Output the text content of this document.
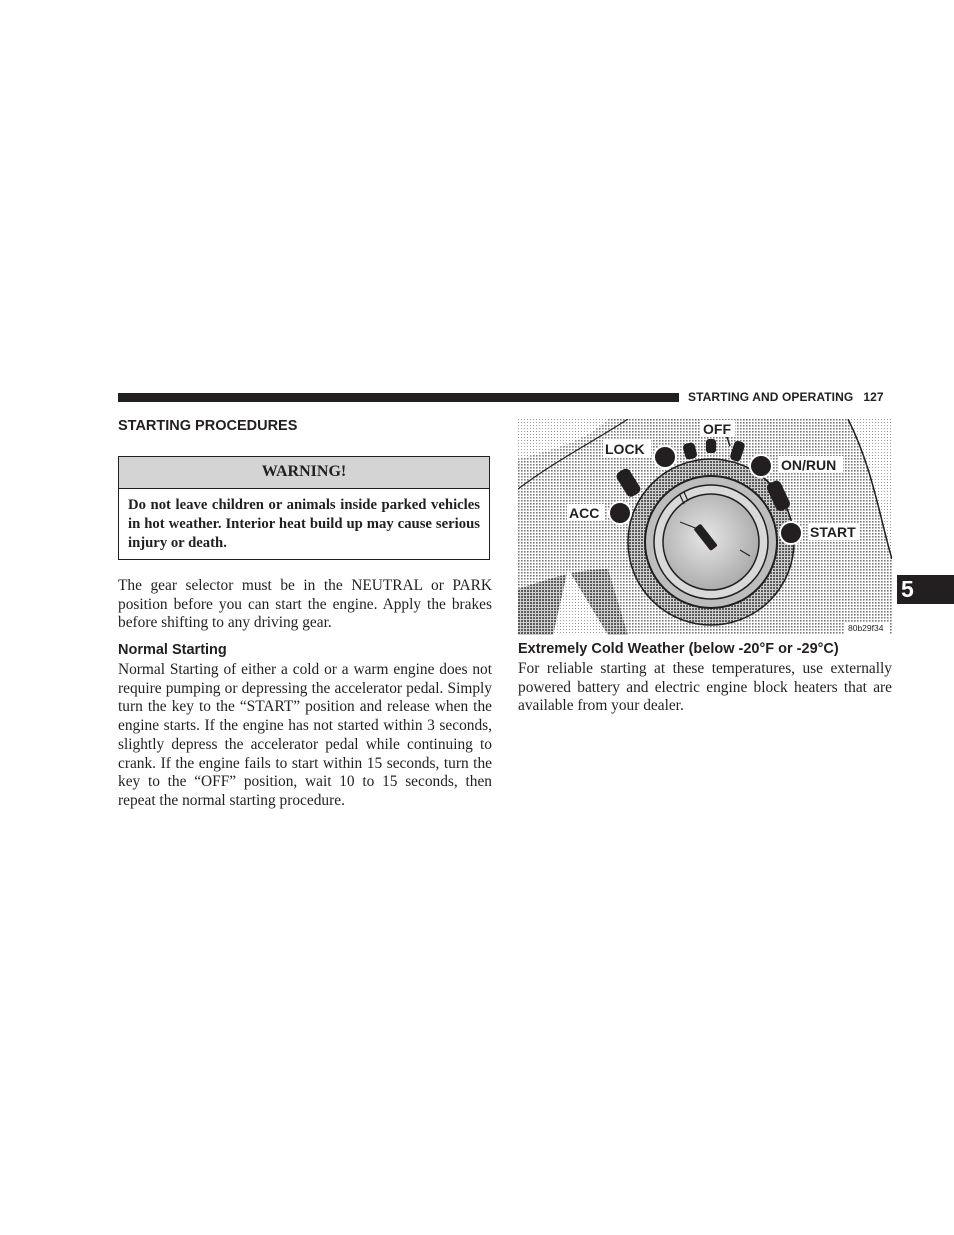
STARTING AND OPERATING 127
STARTING PROCEDURES
WARNING!
Do not leave children or animals inside parked vehicles in hot weather. Interior heat build up may cause serious injury or death.

The gear selector must be in the NEUTRAL or PARK position before you can start the engine. Apply the brakes before shifting to any driving gear.

Normal Starting

Normal Starting of either a cold or a warm engine does not require pumping or depressing the accelerator pedal. Simply turn the key to the “START” position and release when the engine starts. If the engine has not started within 3 seconds, slightly depress the accelerator pedal while continuing to crank. If the engine fails to start within 15 seconds, turn the key to the “OFF” position, wait 10 to 15 seconds, then repeat the normal starting procedure.

LOCK
OFF
ON/RUN
ACC
START
80b29f34
Extremely Cold Weather (below -20°F or -29°C)

For reliable starting at these temperatures, use externally powered battery and electric engine block heaters that are available from your dealer.

5
